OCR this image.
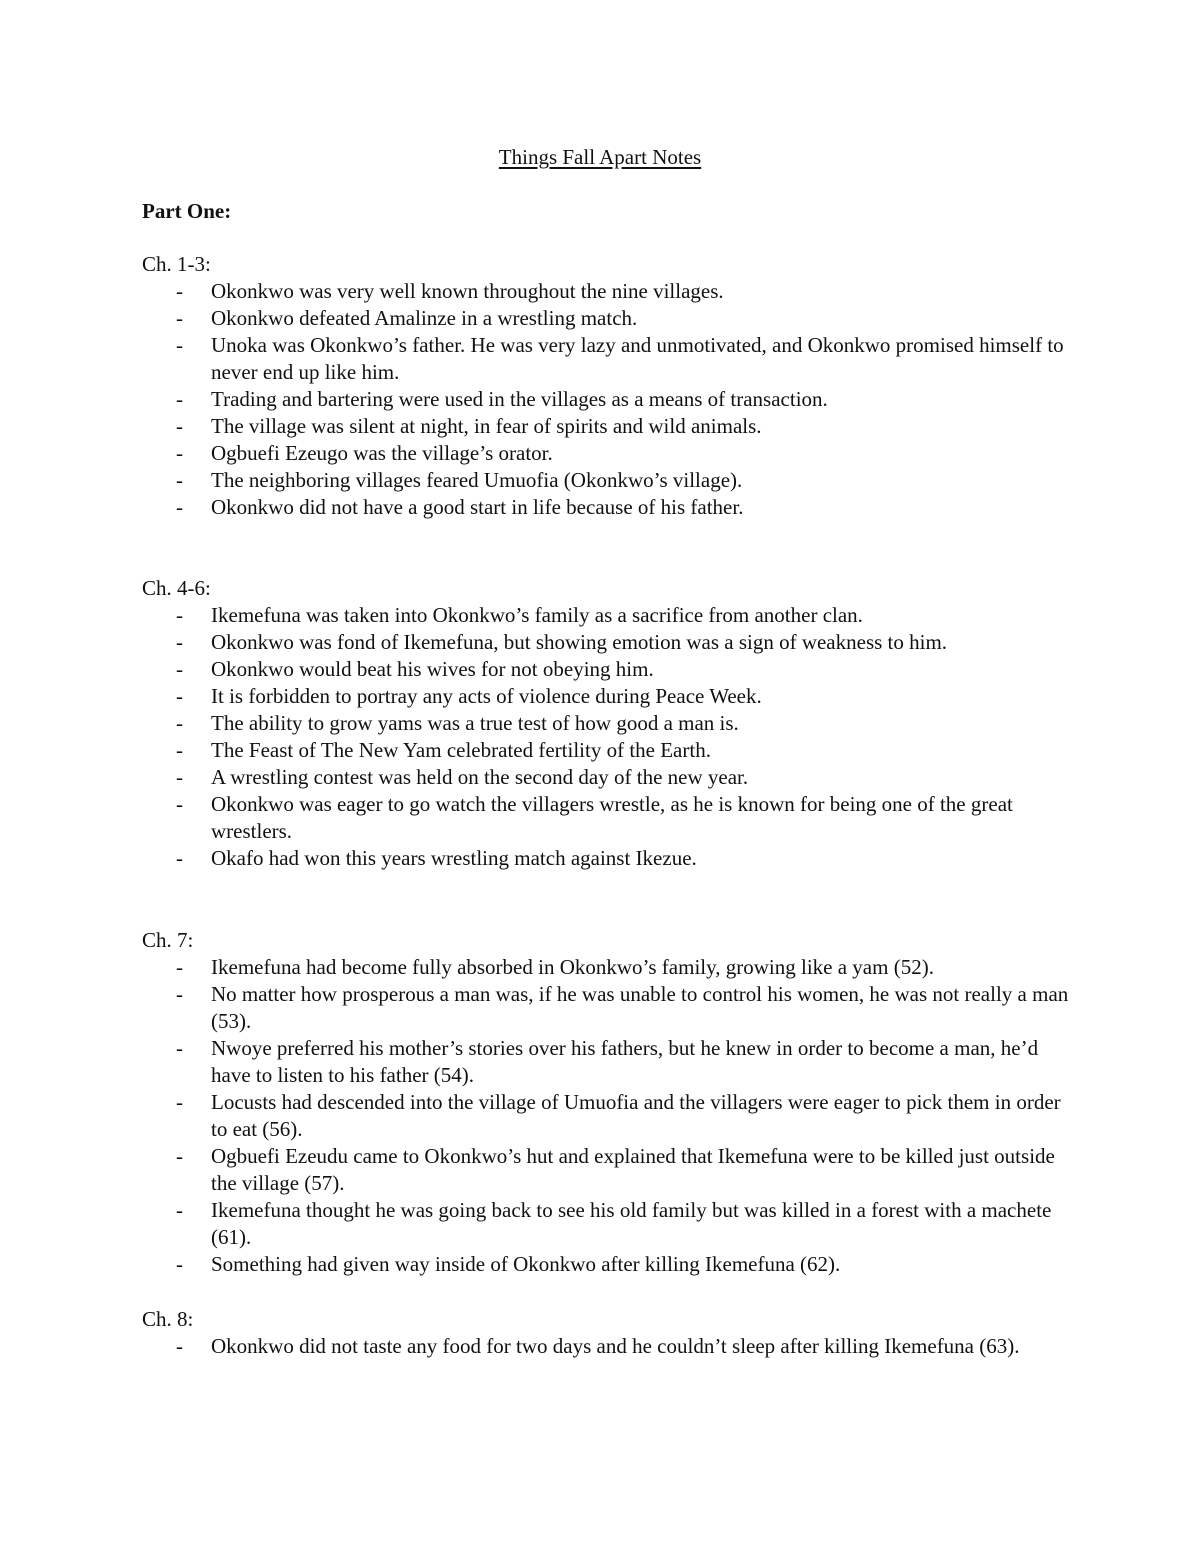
Things Fall Apart Notes
Part One:

Ch. 1-3:

- Okonkwo was very well known throughout the nine villages.
- Okonkwo defeated Amalinze in a wrestling match.
- Unoka was Okonkwo’s father. He was very lazy and unmotivated, and Okonkwo promised himself to never end up like him.
- Trading and bartering were used in the villages as a means of transaction.
- The village was silent at night, in fear of spirits and wild animals.
- Ogbuefi Ezeugo was the village’s orator.
- The neighboring villages feared Umuofia (Okonkwo’s village).
- Okonkwo did not have a good start in life because of his father.

Ch. 4-6:

- Ikemefuna was taken into Okonkwo’s family as a sacrifice from another clan.
- Okonkwo was fond of Ikemefuna, but showing emotion was a sign of weakness to him.
- Okonkwo would beat his wives for not obeying him.
- It is forbidden to portray any acts of violence during Peace Week.
- The ability to grow yams was a true test of how good a man is.
- The Feast of The New Yam celebrated fertility of the Earth.
- A wrestling contest was held on the second day of the new year.
- Okonkwo was eager to go watch the villagers wrestle, as he is known for being one of the great wrestlers.
- Okafo had won this years wrestling match against Ikezue.

Ch. 7:

- Ikemefuna had become fully absorbed in Okonkwo’s family, growing like a yam (52).
- No matter how prosperous a man was, if he was unable to control his women, he was not really a man (53).
- Nwoye preferred his mother’s stories over his fathers, but he knew in order to become a man, he’d have to listen to his father (54).
- Locusts had descended into the village of Umuofia and the villagers were eager to pick them in order to eat (56).
- Ogbuefi Ezeudu came to Okonkwo’s hut and explained that Ikemefuna were to be killed just outside the village (57).
- Ikemefuna thought he was going back to see his old family but was killed in a forest with a machete (61).
- Something had given way inside of Okonkwo after killing Ikemefuna (62).

Ch. 8:

- Okonkwo did not taste any food for two days and he couldn’t sleep after killing Ikemefuna (63).
